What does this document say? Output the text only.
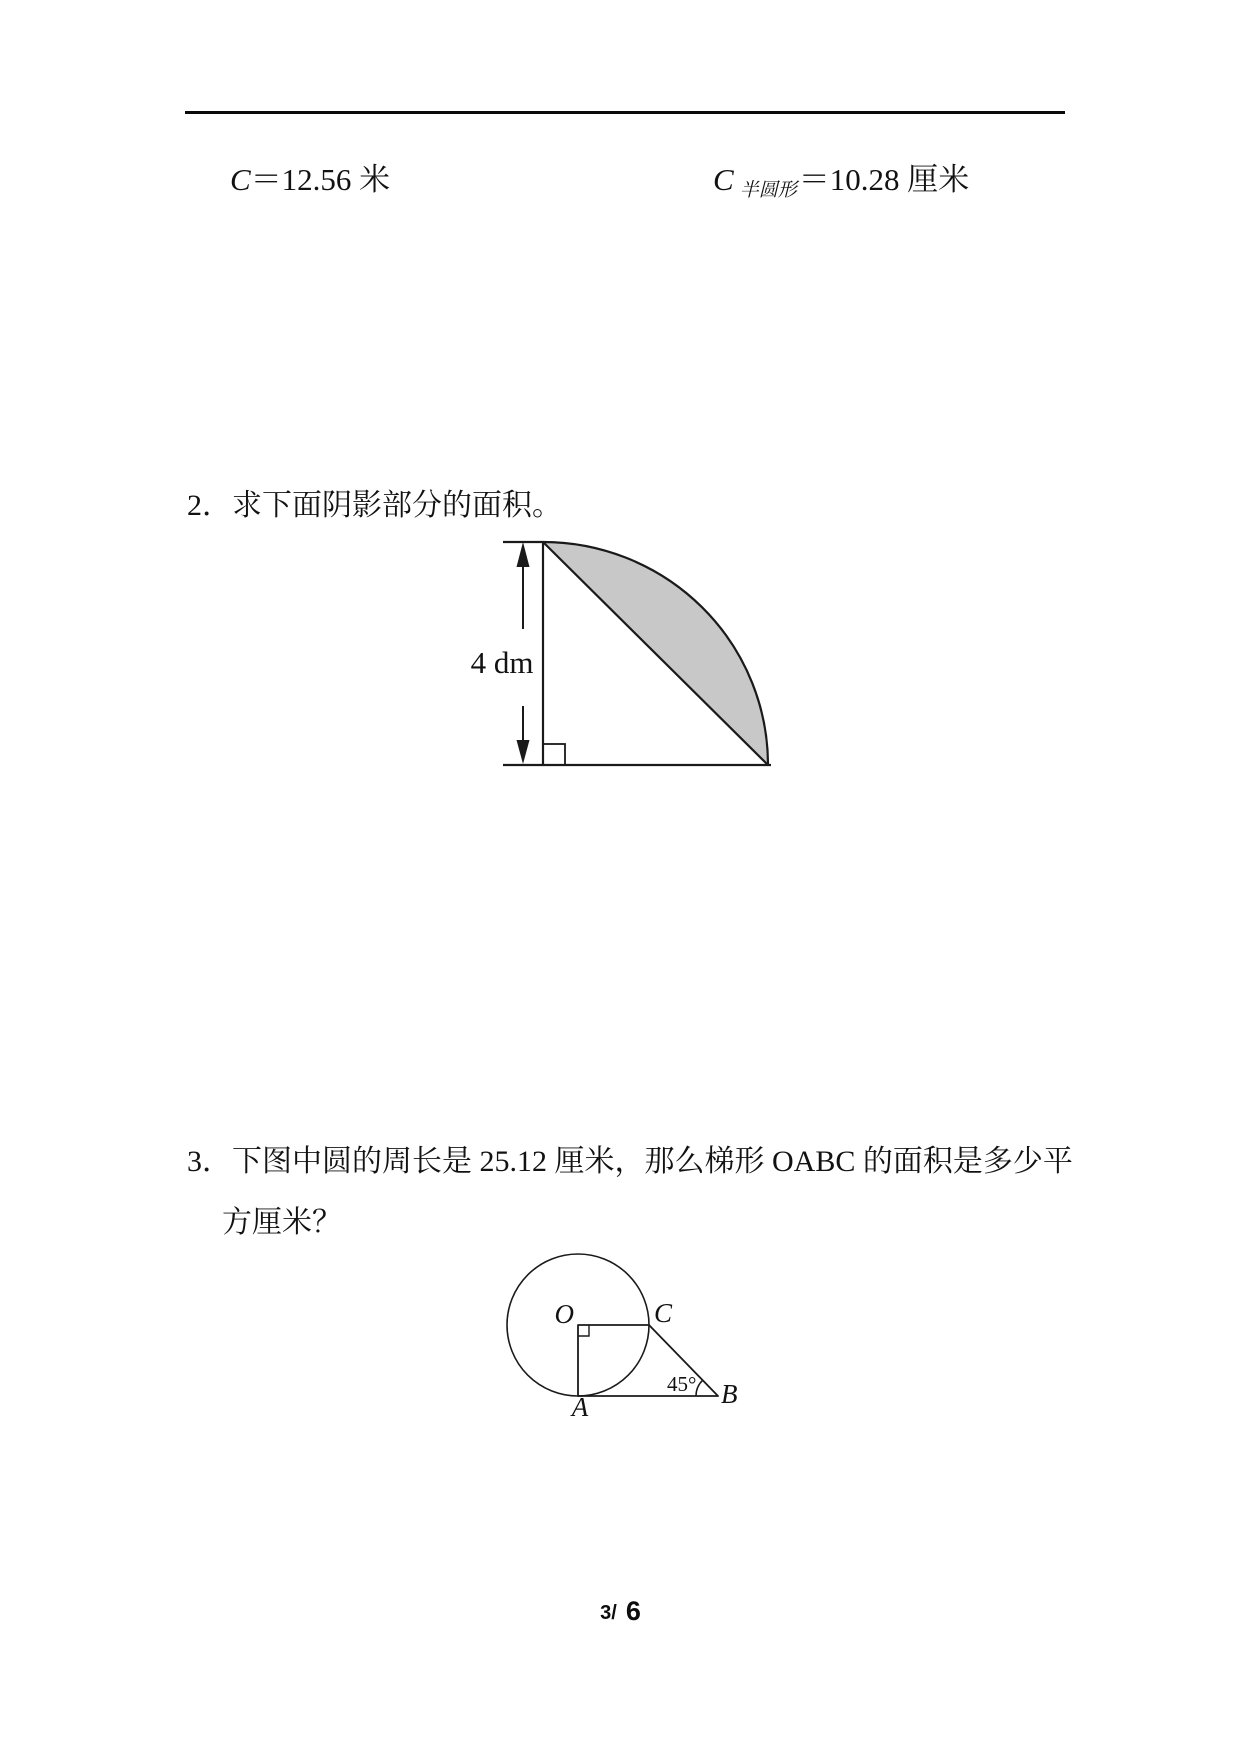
C＝12.56 米	C $_{半圆形}$＝10.28 厘米
2．求下面阴影部分的面积。
4 dm
3．下图中圆的周长是 25.12 厘米，那么梯形 OABC 的面积是多少平
方厘米？
O	C
A	B
45°
3/ 6
